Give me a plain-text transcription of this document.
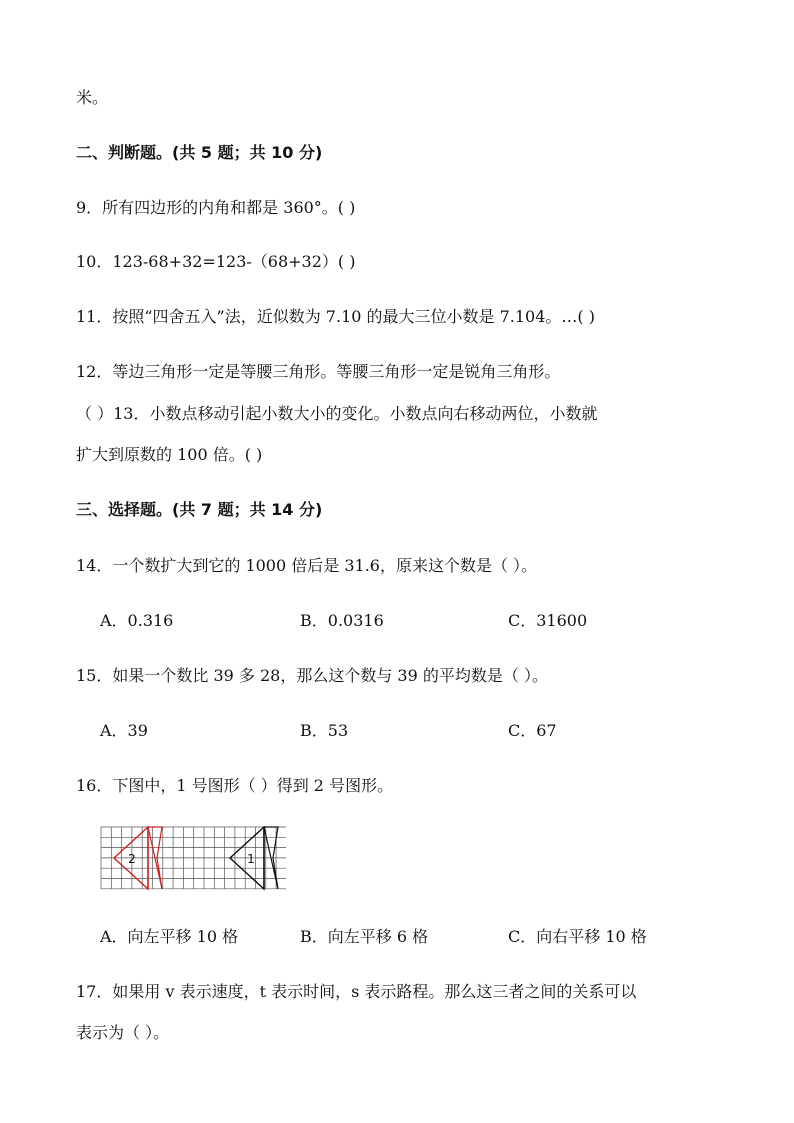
米。
二、判断题。(共 5 题；共 10 分)
9．所有四边形的内角和都是 360°。( )
10．123-68+32=123-（68+32）( )
11．按照“四舍五入”法，近似数为 7.10 的最大三位小数是 7.104。…( )
12．等边三角形一定是等腰三角形。等腰三角形一定是锐角三角形。
（ ）13．小数点移动引起小数大小的变化。小数点向右移动两位，小数就
扩大到原数的 100 倍。( )
三、选择题。(共 7 题；共 14 分)
14．一个数扩大到它的 1000 倍后是 31.6，原来这个数是（ ）。
A．0.316	B．0.0316	C．31600
15．如果一个数比 39 多 28，那么这个数与 39 的平均数是（ ）。
A．39	B．53	C．67
16．下图中，1 号图形（ ）得到 2 号图形。
2	1
A．向左平移 10 格	B．向左平移 6 格	C．向右平移 10 格
17．如果用 v 表示速度，t 表示时间，s 表示路程。那么这三者之间的关系可以
表示为（ ）。
